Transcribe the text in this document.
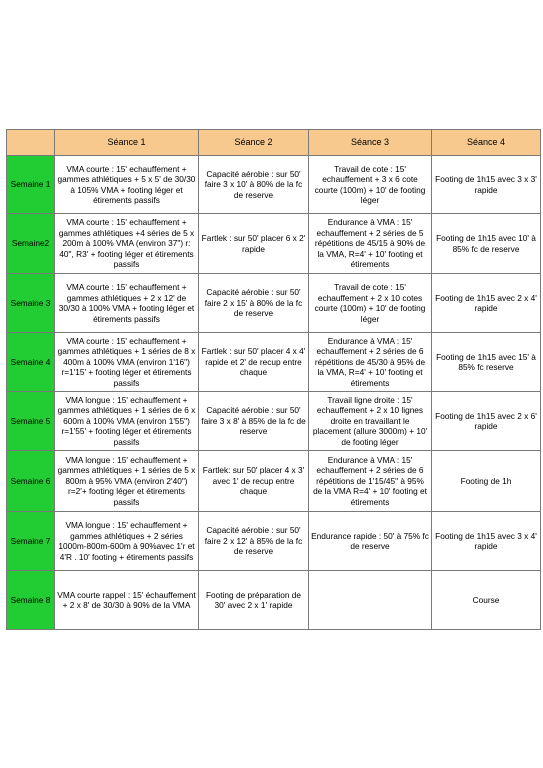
	Séance 1	Séance 2	Séance 3	Séance 4
Semaine 1	VMA courte : 15' echauffement + gammes athlétiques + 5 x 5' de 30/30 à 105% VMA + footing léger et étirements passifs	Capacité aérobie : sur 50' faire 3 x 10' à 80% de la fc de reserve	Travail de cote : 15' echauffement + 3 x 6 cote courte (100m) + 10' de footing léger	Footing de 1h15 avec 3 x 3' rapide
Semaine2	VMA courte : 15' echauffement + gammes athlétiques +4 séries de 5 x 200m à 100% VMA (environ 37") r: 40", R3' + footing léger et étirements passifs	Fartlek : sur 50' placer 6 x 2' rapide	Endurance à VMA : 15' echauffement + 2 séries de 5 répétitions de 45/15 à 90% de la VMA, R=4' + 10' footing et étirements	Footing de 1h15 avec 10' à 85% fc de reserve
Semaine 3	VMA courte : 15' echauffement + gammes athlétiques + 2 x 12' de 30/30 à 100% VMA + footing léger et étirements passifs	Capacité aérobie : sur 50' faire 2 x 15' à 80% de la fc de reserve	Travail de cote : 15' echauffement + 2 x 10 cotes courte (100m) + 10' de footing léger	Footing de 1h15 avec 2 x 4' rapide
Semaine 4	VMA courte : 15' echauffement + gammes athlétiques + 1 séries de 8 x 400m à 100% VMA (environ 1'16") r=1'15' + footing léger et étirements passifs	Fartlek : sur 50' placer 4 x 4' rapide et 2' de recup entre chaque	Endurance à VMA : 15' echauffement + 2 séries de 6 répétitions de 45/30 à 95% de la VMA, R=4' + 10' footing et étirements	Footing de 1h15 avec 15' à 85% fc reserve
Semaine 5	VMA longue : 15' echauffement + gammes athlétiques + 1 séries de 6 x 600m à 100% VMA (environ 1'55") r=1'55' + footing léger et étirements passifs	Capacité aérobie : sur 50' faire 3 x 8' à 85% de la fc de reserve	Travail ligne droite : 15' echauffement + 2 x 10 lignes droite en travaillant le placement (allure 3000m) + 10' de footing léger	Footing de 1h15 avec 2 x 6' rapide
Semaine 6	VMA longue : 15' echauffement + gammes athlétiques + 1 séries de 5 x 800m à 95% VMA (environ 2'40") r=2'+ footing léger et étirements passifs	Fartlek: sur 50' placer 4 x 3' avec 1' de recup entre chaque	Endurance à VMA : 15' echauffement + 2 séries de 6 répétitions de 1'15/45" à 95% de la VMA R=4' + 10' footing et étirements	Footing de 1h
Semaine 7	VMA longue : 15' echauffement + gammes athlétiques + 2 séries 1000m-800m-600m à 90%avec 1'r et 4'R . 10' footing + étirements passifs	Capacité aérobie : sur 50' faire 2 x 12' à 85% de la fc de reserve	Endurance rapide : 50' à 75% fc de reserve	Footing de 1h15 avec 3 x 4' rapide
Semaine 8	VMA courte rappel : 15' échauffement + 2 x 8' de 30/30 à 90% de la VMA	Footing de préparation de 30' avec 2 x 1' rapide		Course
